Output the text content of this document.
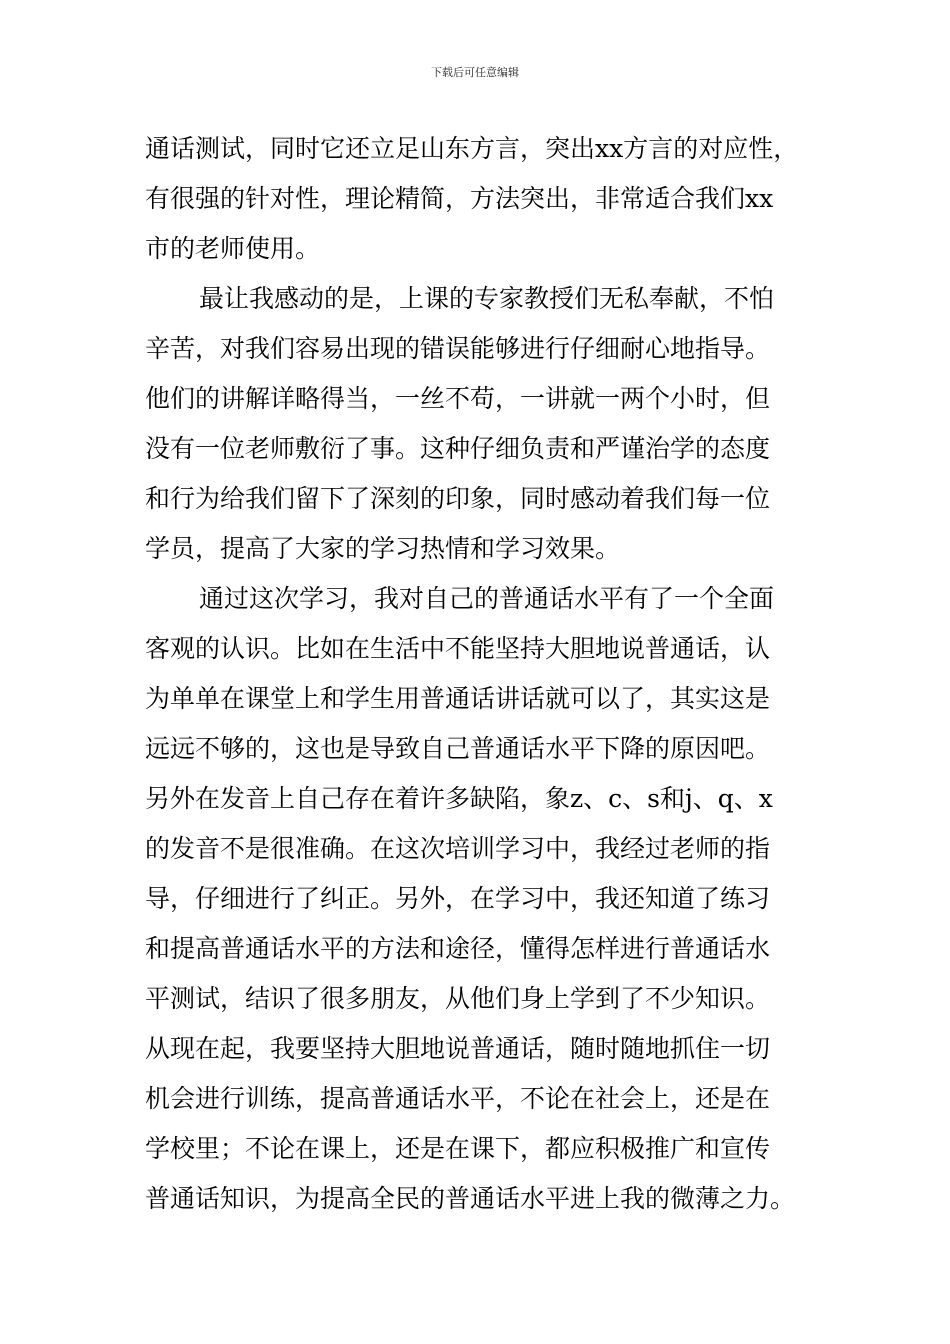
下载后可任意编辑
通话测试，同时它还立足山东方言，突出xx方言的对应性，
有很强的针对性，理论精简，方法突出，非常适合我们xx
市的老师使用。
最让我感动的是，上课的专家教授们无私奉献，不怕
辛苦，对我们容易出现的错误能够进行仔细耐心地指导。
他们的讲解详略得当，一丝不苟，一讲就一两个小时，但
没有一位老师敷衍了事。这种仔细负责和严谨治学的态度
和行为给我们留下了深刻的印象，同时感动着我们每一位
学员，提高了大家的学习热情和学习效果。
通过这次学习，我对自己的普通话水平有了一个全面
客观的认识。比如在生活中不能坚持大胆地说普通话，认
为单单在课堂上和学生用普通话讲话就可以了，其实这是
远远不够的，这也是导致自己普通话水平下降的原因吧。
另外在发音上自己存在着许多缺陷，象z、c、s和j、q、x
的发音不是很准确。在这次培训学习中，我经过老师的指
导，仔细进行了纠正。另外，在学习中，我还知道了练习
和提高普通话水平的方法和途径，懂得怎样进行普通话水
平测试，结识了很多朋友，从他们身上学到了不少知识。
从现在起，我要坚持大胆地说普通话，随时随地抓住一切
机会进行训练，提高普通话水平，不论在社会上，还是在
学校里；不论在课上，还是在课下，都应积极推广和宣传
普通话知识，为提高全民的普通话水平进上我的微薄之力。
